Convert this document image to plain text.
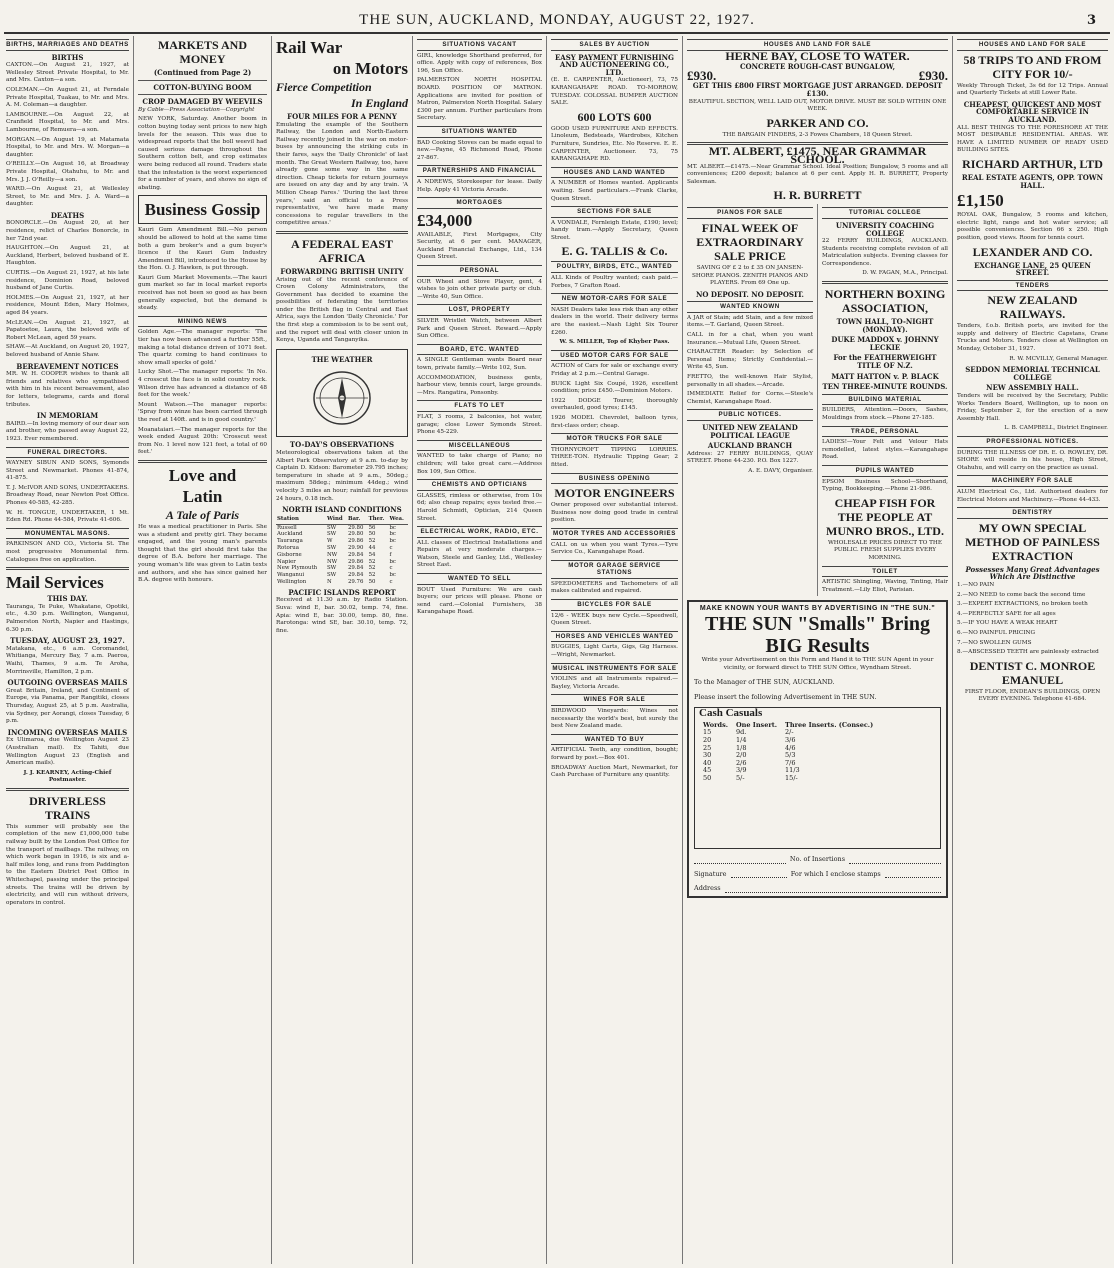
THE SUN, AUCKLAND, MONDAY, AUGUST 22, 1927.	3
BIRTHS, MARRIAGES AND DEATHS
BIRTHS

CAXTON.—On August 21, 1927, at Wellesley Street Private Hospital, to Mr. and Mrs. Caxton—a son.

COLEMAN.—On August 21, at Ferndale Private Hospital, Tuakau, to Mr. and Mrs. A. M. Coleman—a daughter.

LAMBOURNE.—On August 22, at Cranfield Hospital, to Mr. and Mrs. Lambourne, of Remuera—a son.

MORGAN.—On August 19, at Matamata Hospital, to Mr. and Mrs. W. Morgan—a daughter.

O'REILLY.—On August 16, at Broadway Private Hospital, Otahuhu, to Mr. and Mrs. J. J. O'Reilly—a son.

WARD.—On August 21, at Wellesley Street, to Mr. and Mrs. J. A. Ward—a daughter.

DEATHS

BONORCLE.—On August 20, at her residence, relict of Charles Bonorcle, in her 72nd year.

HAUGHTON.—On August 21, at Auckland, Herbert, beloved husband of E. Haughton.

CURTIS.—On August 21, 1927, at his late residence, Dominion Road, beloved husband of Jane Curtis.

HOLMES.—On August 21, 1927, at her residence, Mount Eden, Mary Holmes, aged 84 years.

McLEAN.—On August 21, 1927, at Papatoetoe, Laura, the beloved wife of Robert McLean, aged 59 years.

SHAW.—At Auckland, on August 20, 1927, beloved husband of Annie Shaw.

BEREAVEMENT NOTICES

MR. W. H. COOPER wishes to thank all friends and relatives who sympathised with him in his recent bereavement, also for letters, telegrams, cards and floral tributes.

IN MEMORIAM

BAIRD.—In loving memory of our dear son and brother, who passed away August 22, 1923. Ever remembered.

FUNERAL DIRECTORS.

WAYNEY SIBUN AND SONS, Symonds Street and Newmarket. Phones 41-874, 41-875.

T. J. McIVOR AND SONS, UNDERTAKERS. Broadway Road, near Newton Post Office. Phones 40-585, 42-285.

W. H. TONGUE, UNDERTAKER, 1 Mt. Eden Rd. Phone 44-584, Private 41-606.

MONUMENTAL MASONS.

PARKINSON AND CO., Victoria St. The most progressive Monumental firm. Catalogues free on application.

Mail Services
THIS DAY.

Tauranga, Te Puke, Whakatane, Opotiki, etc., 4.30 p.m. Wellington, Wanganui, Palmerston North, Napier and Hastings, 6.30 p.m.

TUESDAY, AUGUST 23, 1927.

Matakana, etc., 6 a.m. Coromandel, Whitianga, Mercury Bay, 7 a.m. Paeroa, Waihi, Thames, 9 a.m. Te Aroha, Morrinsville, Hamilton, 2 p.m.

OUTGOING OVERSEAS MAILS

Great Britain, Ireland, and Continent of Europe, via Panama, per Rangitiki, closes Thursday, August 25, at 5 p.m. Australia, via Sydney, per Aorangi, closes Tuesday, 6 p.m.

INCOMING OVERSEAS MAILS

Ex Ulimaroa, due Wellington August 23 (Australian mail). Ex Tahiti, due Wellington August 23 (English and American mails).

J. J. KEARNEY, Acting-Chief Postmaster.

DRIVERLESS TRAINS

This summer will probably see the completion of the new £1,000,000 tube railway built by the London Post Office for the transport of mailbags. The railway, on which work began in 1916, is six and a-half miles long, and runs from Paddington to the Eastern District Post Office in Whitechapel, passing under the principal streets. The trains will be driven by electricity, and will run without drivers, operators in control.

MARKETS AND MONEY
(Continued from Page 2)
COTTON-BUYING BOOM
CROP DAMAGED BY WEEVILS

By Cable—Press Association—Copyright

NEW YORK, Saturday. Another boom in cotton buying today sent prices to new high levels for the season. This was due to widespread reports that the boll weevil had caused serious damage throughout the Southern cotton belt, and crop estimates were being reduced all round. Traders state that the infestation is the worst experienced for a number of years, and shows no sign of abating.

Business Gossip

Kauri Gum Amendment Bill.—No person should be allowed to hold at the same time both a gum broker's and a gum buyer's licence if the Kauri Gum Industry Amendment Bill, introduced to the House by the Hon. O. J. Hawken, is put through.

Kauri Gum Market Movements.—The kauri gum market so far in local market reports received has not been so good as has been generally expected, but the demand is steady.

MINING NEWS

Golden Age.—The manager reports: 'The tier has now been advanced a further 55ft., making a total distance driven of 1071 feet. The quartz coming to hand continues to show small specks of gold.'

Lucky Shot.—The manager reports: 'In No. 4 crosscut the face is in solid country rock. Wilson drive has advanced a distance of 48 feet for the week.'

Mount Watson.—The manager reports: 'Spray from winze has been carried through the reef at 140ft. and is in good country.'

Moanataiari.—The manager reports for the week ended August 20th: 'Crosscut west from No. 1 level now 121 feet, a total of 60 feet.'

Love and
Latin
A Tale of Paris

He was a medical practitioner in Paris. She was a student and pretty girl. They became engaged, and the young man's parents thought that the girl should first take the degree of B.A. before her marriage. The young woman's life was given to Latin texts and authors, and she has since gained her B.A. degree with honours.

Rail War
on Motors
Fierce Competition
In England
FOUR MILES FOR A PENNY

Emulating the example of the Southern Railway, the London and North-Eastern Railway recently joined in the war on motor-buses by announcing the striking cuts in their fares, says the 'Daily Chronicle' of last month. The Great Western Railway, too, have already gone some way in the same direction. Cheap tickets for return journeys are issued on any day and by any train. 'A Million Cheap Fares.' 'During the last three years,' said an official to a Press representative, 'we have made many concessions to regular travellers in the competitive areas.'

A FEDERAL EAST AFRICA
FORWARDING BRITISH UNITY

Arising out of the recent conference of Crown Colony Administrators, the Government has decided to examine the possibilities of federating the territories under the British flag in Central and East Africa, says the London 'Daily Chronicle.' For the first step a commission is to be sent out, and the report will deal with closer union in Kenya, Uganda and Tanganyika.

THE WEATHER
TO-DAY'S OBSERVATIONS

Meteorological observations taken at the Albert Park Observatory at 9 a.m. to-day by Captain D. Kidson: Barometer 29.795 inches; temperature in shade at 9 a.m., 50deg.; maximum 58deg.; minimum 44deg.; wind velocity 3 miles an hour; rainfall for previous 24 hours, 0.18 inch.

NORTH ISLAND CONDITIONS
Station	Wind	Bar.	Ther.	Wea.
Russell	SW	29.80	56	bc
Auckland	SW	29.80	50	bc
Tauranga	W	29.86	52	bc
Rotorua	SW	29.90	44	c
Gisborne	NW	29.84	54	f
Napier	NW	29.86	52	bc
New Plymouth	SW	29.84	52	c
Wanganui	SW	29.84	52	bc
Wellington	N	29.76	50	c
PACIFIC ISLANDS REPORT

Received at 11.30 a.m. by Radio Station. Suva: wind E, bar. 30.02, temp. 74, fine. Apia: wind E, bar. 30.00, temp. 80, fine. Rarotonga: wind SE, bar. 30.10, temp. 72, fine.

SITUATIONS VACANT

GIRL, knowledge Shorthand preferred, for office. Apply with copy of references, Box 196, Sun Office.

PALMERSTON NORTH HOSPITAL BOARD. POSITION OF MATRON. Applications are invited for position of Matron, Palmerston North Hospital. Salary £300 per annum. Further particulars from Secretary.

SITUATIONS WANTED

BAD Cooking Stoves can be made equal to new.—Payne, 45 Richmond Road, Phone 27-867.

PARTNERSHIPS AND FINANCIAL

A NDREWS, Storekeeper for lease. Daily Help. Apply 41 Victoria Arcade.

MORTGAGES
£34,000

AVAILABLE, First Mortgages, City Security, at 6 per cent. MANAGER, Auckland Financial Exchange, Ltd., 134 Queen Street.

PERSONAL

OUR Wheel and Stove Player, gent, 4 wishes to join other private party or club.—Write 40, Sun Office.

LOST, PROPERTY

SILVER Wristlet Watch, between Albert Park and Queen Street. Reward.—Apply Sun Office.

BOARD, ETC. WANTED

A SINGLE Gentleman wants Board near town, private family.—Write 102, Sun.

ACCOMMODATION, business gents, harbour view, tennis court, large grounds.—Mrs. Rangatira, Ponsonby.

FLATS TO LET

FLAT, 3 rooms, 2 balconies, hot water, garage; close Lower Symonds Street. Phone 45-229.

MISCELLANEOUS

WANTED to take charge of Piano; no children; will take great care.—Address Box 109, Sun Office.

CHEMISTS AND OPTICIANS

GLASSES, rimless or otherwise, from 10s 6d; also cheap repairs; eyes tested free.—Harold Schmidt, Optician, 214 Queen Street.

ELECTRICAL WORK, RADIO, ETC.

ALL classes of Electrical Installations and Repairs at very moderate charges.—Watson, Steele and Ganley, Ltd., Wellesley Street East.

WANTED TO SELL

BOUT Used Furniture: We are cash buyers; our prices will please. Phone or send card.—Colonial Furnishers, 38 Karangahape Road.

SALES BY AUCTION
EASY PAYMENT FURNISHING AND AUCTIONEERING CO., LTD.

(E. E. CARPENTER, Auctioneer), 73, 75 KARANGAHAPE ROAD. TO-MORROW, TUESDAY. COLOSSAL BUMPER AUCTION SALE.

600 LOTS 600

GOOD USED FURNITURE AND EFFECTS. Linoleum, Bedsteads, Wardrobes, Kitchen Furniture, Sundries, Etc. No Reserve. E. E. CARPENTER, Auctioneer. 73, 75 KARANGAHAPE RD.

HOUSES AND LAND WANTED

A NUMBER of Homes wanted. Applicants waiting. Send particulars.—Frank Clarke, Queen Street.

SECTIONS FOR SALE

A VONDALE, Fernleigh Estate, £190; level; handy tram.—Apply Secretary, Queen Street.

E. G. TALLIS & Co.
POULTRY, BIRDS, ETC., WANTED

ALL Kinds of Poultry wanted; cash paid.—Forbes, 7 Grafton Road.

NEW MOTOR-CARS FOR SALE

NASH Dealers take less risk than any other dealers in the world. Their delivery terms are the easiest.—Nash Light Six Tourer £260.

W. S. MILLER, Top of Khyber Pass.

USED MOTOR CARS FOR SALE

ACTION of Cars for sale or exchange every Friday at 2 p.m.—Central Garage.

BUICK Light Six Coupé, 1926, excellent condition; price £450.—Dominion Motors.

1922 DODGE Tourer, thoroughly overhauled, good tyres; £145.

1926 MODEL Chevrolet, balloon tyres, first-class order; cheap.

MOTOR TRUCKS FOR SALE

THORNYCROFT TIPPING LORRIES. THREE-TON. Hydraulic Tipping Gear; 2 fitted.

BUSINESS OPENING
MOTOR ENGINEERS

Owner proposed over substantial interest. Business now doing good trade in central position.

MOTOR TYRES AND ACCESSORIES

CALL on us when you want Tyres.—Tyre Service Co., Karangahape Road.

MOTOR GARAGE SERVICE STATIONS

SPEEDOMETERS and Tachometers of all makes calibrated and repaired.

BICYCLES FOR SALE

12/6 - WEEK buys new Cycle.—Speedwell, Queen Street.

HORSES AND VEHICLES WANTED

BUGGIES, Light Carts, Gigs, Gig Harness.—Wright, Newmarket.

MUSICAL INSTRUMENTS FOR SALE

VIOLINS and all Instruments repaired.—Bayley, Victoria Arcade.

WINES FOR SALE

BIRDWOOD Vineyards: Wines not necessarily the world's best, but surely the best New Zealand made.

WANTED TO BUY

ARTIFICIAL Teeth, any condition, bought; forward by post.—Box 401.

BROADWAY Auction Mart, Newmarket, for Cash Purchase of Furniture any quantity.

HOUSES AND LAND FOR SALE
HERNE BAY, CLOSE TO WATER.
CONCRETE ROUGH-CAST BUNGALOW,
£930.	£930.
GET THIS £800 FIRST MORTGAGE JUST ARRANGED. DEPOSIT £130.

BEAUTIFUL SECTION, WELL LAID OUT, MOTOR DRIVE. MUST BE SOLD WITHIN ONE WEEK.

PARKER AND CO.

THE BARGAIN FINDERS, 2-3 Fowes Chambers, 18 Queen Street.

MT. ALBERT, £1475, NEAR GRAMMAR SCHOOL.

MT. ALBERT.—£1475.—Near Grammar School. Ideal Position; Bungalow, 5 rooms and all conveniences; £200 deposit; balance at 6 per cent. Apply H. R. BURRETT, Property Salesman.

H. R. BURRETT
PIANOS FOR SALE
FINAL WEEK OF EXTRAORDINARY SALE PRICE

SAVING OF £ 2 to £ 35 ON JANSEN-SHORE PIANOS. ZENITH PIANOS AND PLAYERS. From 69 One up.

NO DEPOSIT. NO DEPOSIT.
WANTED KNOWN

A JAR of Stain; add Stain, and a few mixed items.—T. Garland, Queen Street.

CALL in for a chat, when you want Insurance.—Mutual Life, Queen Street.

CHARACTER Reader: by Selection of Personal Items; Strictly Confidential.—Write 45, Sun.

FRETTO, the well-known Hair Stylist, personally in all shades.—Arcade.

IMMEDIATE Relief for Corns.—Steele's Chemist, Karangahape Road.

PUBLIC NOTICES.
UNITED NEW ZEALAND POLITICAL LEAGUE
AUCKLAND BRANCH

Address: 27 FERRY BUILDINGS, QUAY STREET. Phone 44-230. P.O. Box 1227.

A. E. DAVY, Organiser.

TUTORIAL COLLEGE
UNIVERSITY COACHING COLLEGE

22 FERRY BUILDINGS, AUCKLAND. Students receiving complete revision of all Matriculation subjects. Evening classes for Correspondence.

D. W. FAGAN, M.A., Principal.

NORTHERN BOXING ASSOCIATION,
TOWN HALL, TO-NIGHT (MONDAY).
DUKE MADDOX v. JOHNNY LECKIE
For the FEATHERWEIGHT TITLE OF N.Z.
MATT HATTON v. P. BLACK
TEN THREE-MINUTE ROUNDS.
BUILDING MATERIAL

BUILDERS, Attention.—Doors, Sashes, Mouldings from stock.—Phone 27-185.

TRADE, PERSONAL

LADIES!—Your Felt and Velour Hats remodelled, latest styles.—Karangahape Road.

PUPILS WANTED

EPSOM Business School—Shorthand, Typing, Bookkeeping.—Phone 21-986.

CHEAP FISH FOR THE PEOPLE AT MUNRO BROS., LTD.

WHOLESALE PRICES DIRECT TO THE PUBLIC. FRESH SUPPLIES EVERY MORNING.

TOILET

ARTISTIC Shingling, Waving, Tinting, Hair Treatment.—Lily Eliot, Parisian.

MAKE KNOWN YOUR WANTS BY ADVERTISING IN "THE SUN."
THE SUN "Smalls" Bring BIG Results
Write your Advertisement on this Form and Hand it to THE SUN Agent in your vicinity, or forward direct to THE SUN Office, Wyndham Street.
To the Manager of THE SUN, AUCKLAND.
Please insert the following Advertisement in THE SUN.
Cash Casuals
Words.	One Insert.	Three Inserts. (Consec.)
15	9d.	2/-
20	1/4	3/6
25	1/8	4/6
30	2/0	5/3
40	2/6	7/6
45	3/9	11/3
50	5/-	15/-
No. of Insertions
Signature	For which I enclose stamps
Address
HOUSES AND LAND FOR SALE
58 TRIPS TO AND FROM CITY FOR 10/-

Weekly Through Ticket, 3s 6d for 12 Trips. Annual and Quarterly Tickets at still Lower Rate.

CHEAPEST, QUICKEST AND MOST COMFORTABLE SERVICE IN AUCKLAND.

ALL BEST THINGS TO THE FORESHORE AT THE MOST DESIRABLE RESIDENTIAL AREAS. WE HAVE A LIMITED NUMBER OF READY USED BUILDING SITES.

RICHARD ARTHUR, LTD
REAL ESTATE AGENTS, OPP. TOWN HALL.
£1,150

ROYAL OAK, Bungalow, 5 rooms and kitchen, electric light, range and hot water service; all possible conveniences. Section 66 x 250. High position, good views. Room for tennis court.

LEXANDER AND CO.
EXCHANGE LANE, 25 QUEEN STREET.
TENDERS
NEW ZEALAND RAILWAYS.

Tenders, f.o.b. British ports, are invited for the supply and delivery of Electric Capstans, Crane Trucks and Motors. Tenders close at Wellington on Monday, October 31, 1927.

R. W. MCVILLY, General Manager.

SEDDON MEMORIAL TECHNICAL COLLEGE
NEW ASSEMBLY HALL.

Tenders will be received by the Secretary, Public Works Tenders Board, Wellington, up to noon on Friday, September 2, for the erection of a new Assembly Hall.

L. B. CAMPBELL, District Engineer.

PROFESSIONAL NOTICES.

DURING THE ILLNESS OF DR. E. O. ROWLEY, DR. SHORE will reside in his house, High Street, Otahuhu, and will carry on the practice as usual.

MACHINERY FOR SALE

ALUM Electrical Co., Ltd. Authorised dealers for Electrical Motors and Machinery.—Phone 44-433.

DENTISTRY
MY OWN SPECIAL METHOD OF PAINLESS EXTRACTION
Possesses Many Great Advantages Which Are Distinctive

1.—NO PAIN

2.—NO NEED to come back the second time

3.—EXPERT EXTRACTIONS, no broken teeth

4.—PERFECTLY SAFE for all ages

5.—IF YOU HAVE A WEAK HEART

6.—NO PAINFUL PRICING

7.—NO SWOLLEN GUMS

8.—ABSCESSED TEETH are painlessly extracted

DENTIST C. MONROE EMANUEL

FIRST FLOOR, ENDEAN'S BUILDINGS, OPEN EVERY EVENING. Telephone 41-684.
